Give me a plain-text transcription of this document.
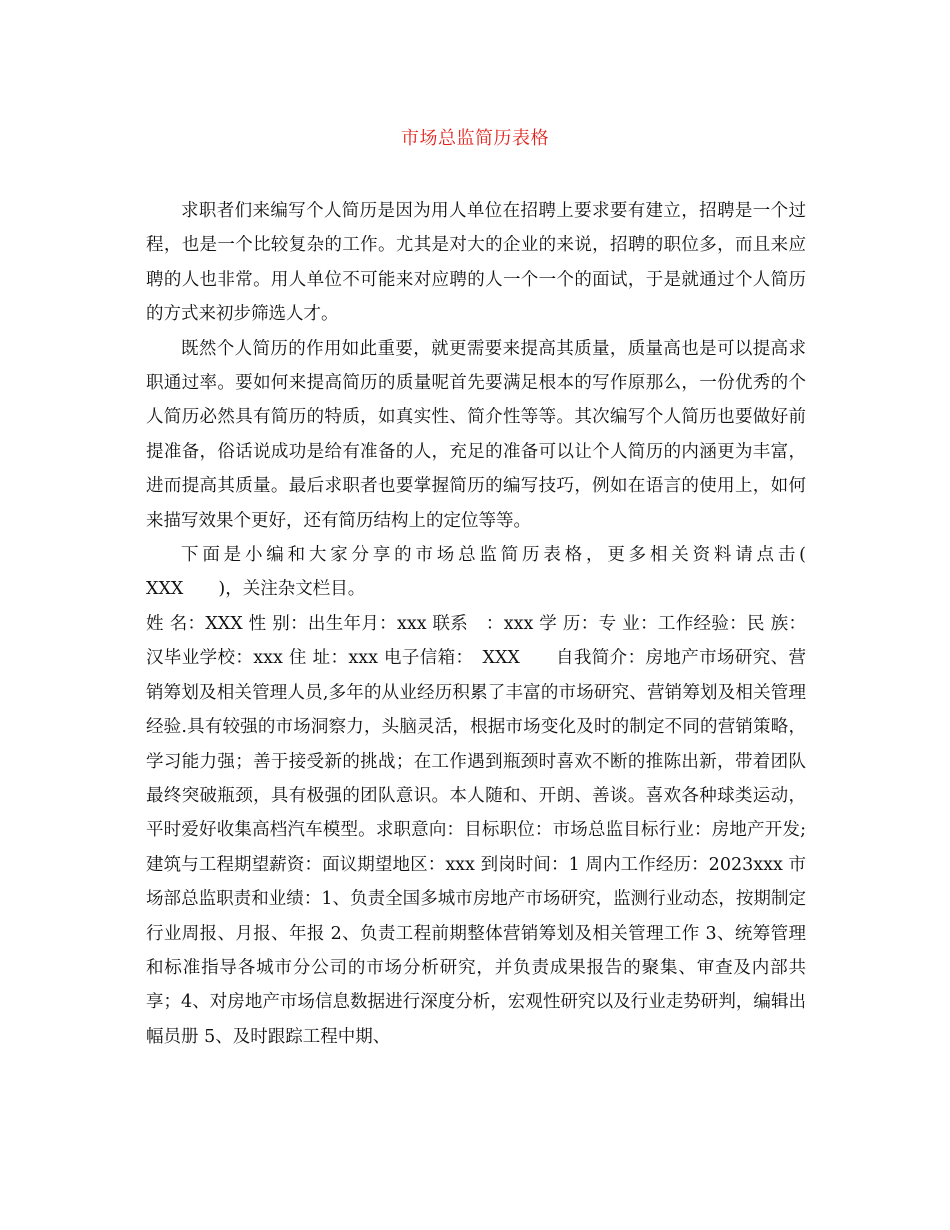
市场总监简历表格

求职者们来编写个人简历是因为用人单位在招聘上要求要有建立，招聘是一个过程，也是一个比较复杂的工作。尤其是对大的企业的来说，招聘的职位多，而且来应聘的人也非常。用人单位不可能来对应聘的人一个一个的面试，于是就通过个人简历的方式来初步筛选人才。

既然个人简历的作用如此重要，就更需要来提高其质量，质量高也是可以提高求职通过率。要如何来提高简历的质量呢首先要满足根本的写作原那么，一份优秀的个人简历必然具有简历的特质，如真实性、简介性等等。其次编写个人简历也要做好前提准备，俗话说成功是给有准备的人，充足的准备可以让个人简历的内涵更为丰富，进而提高其质量。最后求职者也要掌握简历的编写技巧，例如在语言的使用上，如何来描写效果个更好，还有简历结构上的定位等等。

下面是小编和大家分享的市场总监简历表格，更多相关资料请点击(　　XXX　　)，关注杂文栏目。

姓 名：XXX 性 别：出生年月：xxx 联系　：xxx 学 历：专 业：工作经验：民 族：汉毕业学校：xxx 住 址：xxx 电子信箱：　XXX　　自我简介：房地产市场研究、营销筹划及相关管理人员,多年的从业经历积累了丰富的市场研究、营销筹划及相关管理经验.具有较强的市场洞察力，头脑灵活，根据市场变化及时的制定不同的营销策略，学习能力强；善于接受新的挑战；在工作遇到瓶颈时喜欢不断的推陈出新，带着团队最终突破瓶颈，具有极强的团队意识。本人随和、开朗、善谈。喜欢各种球类运动，平时爱好收集高档汽车模型。求职意向：目标职位：市场总监目标行业：房地产开发;建筑与工程期望薪资：面议期望地区：xxx 到岗时间：1 周内工作经历：2023xxx 市场部总监职责和业绩：1、负责全国多城市房地产市场研究，监测行业动态，按期制定行业周报、月报、年报 2、负责工程前期整体营销筹划及相关管理工作 3、统筹管理和标准指导各城市分公司的市场分析研究，并负责成果报告的聚集、审查及内部共享；4、对房地产市场信息数据进行深度分析，宏观性研究以及行业走势研判，编辑出幅员册 5、及时跟踪工程中期、
